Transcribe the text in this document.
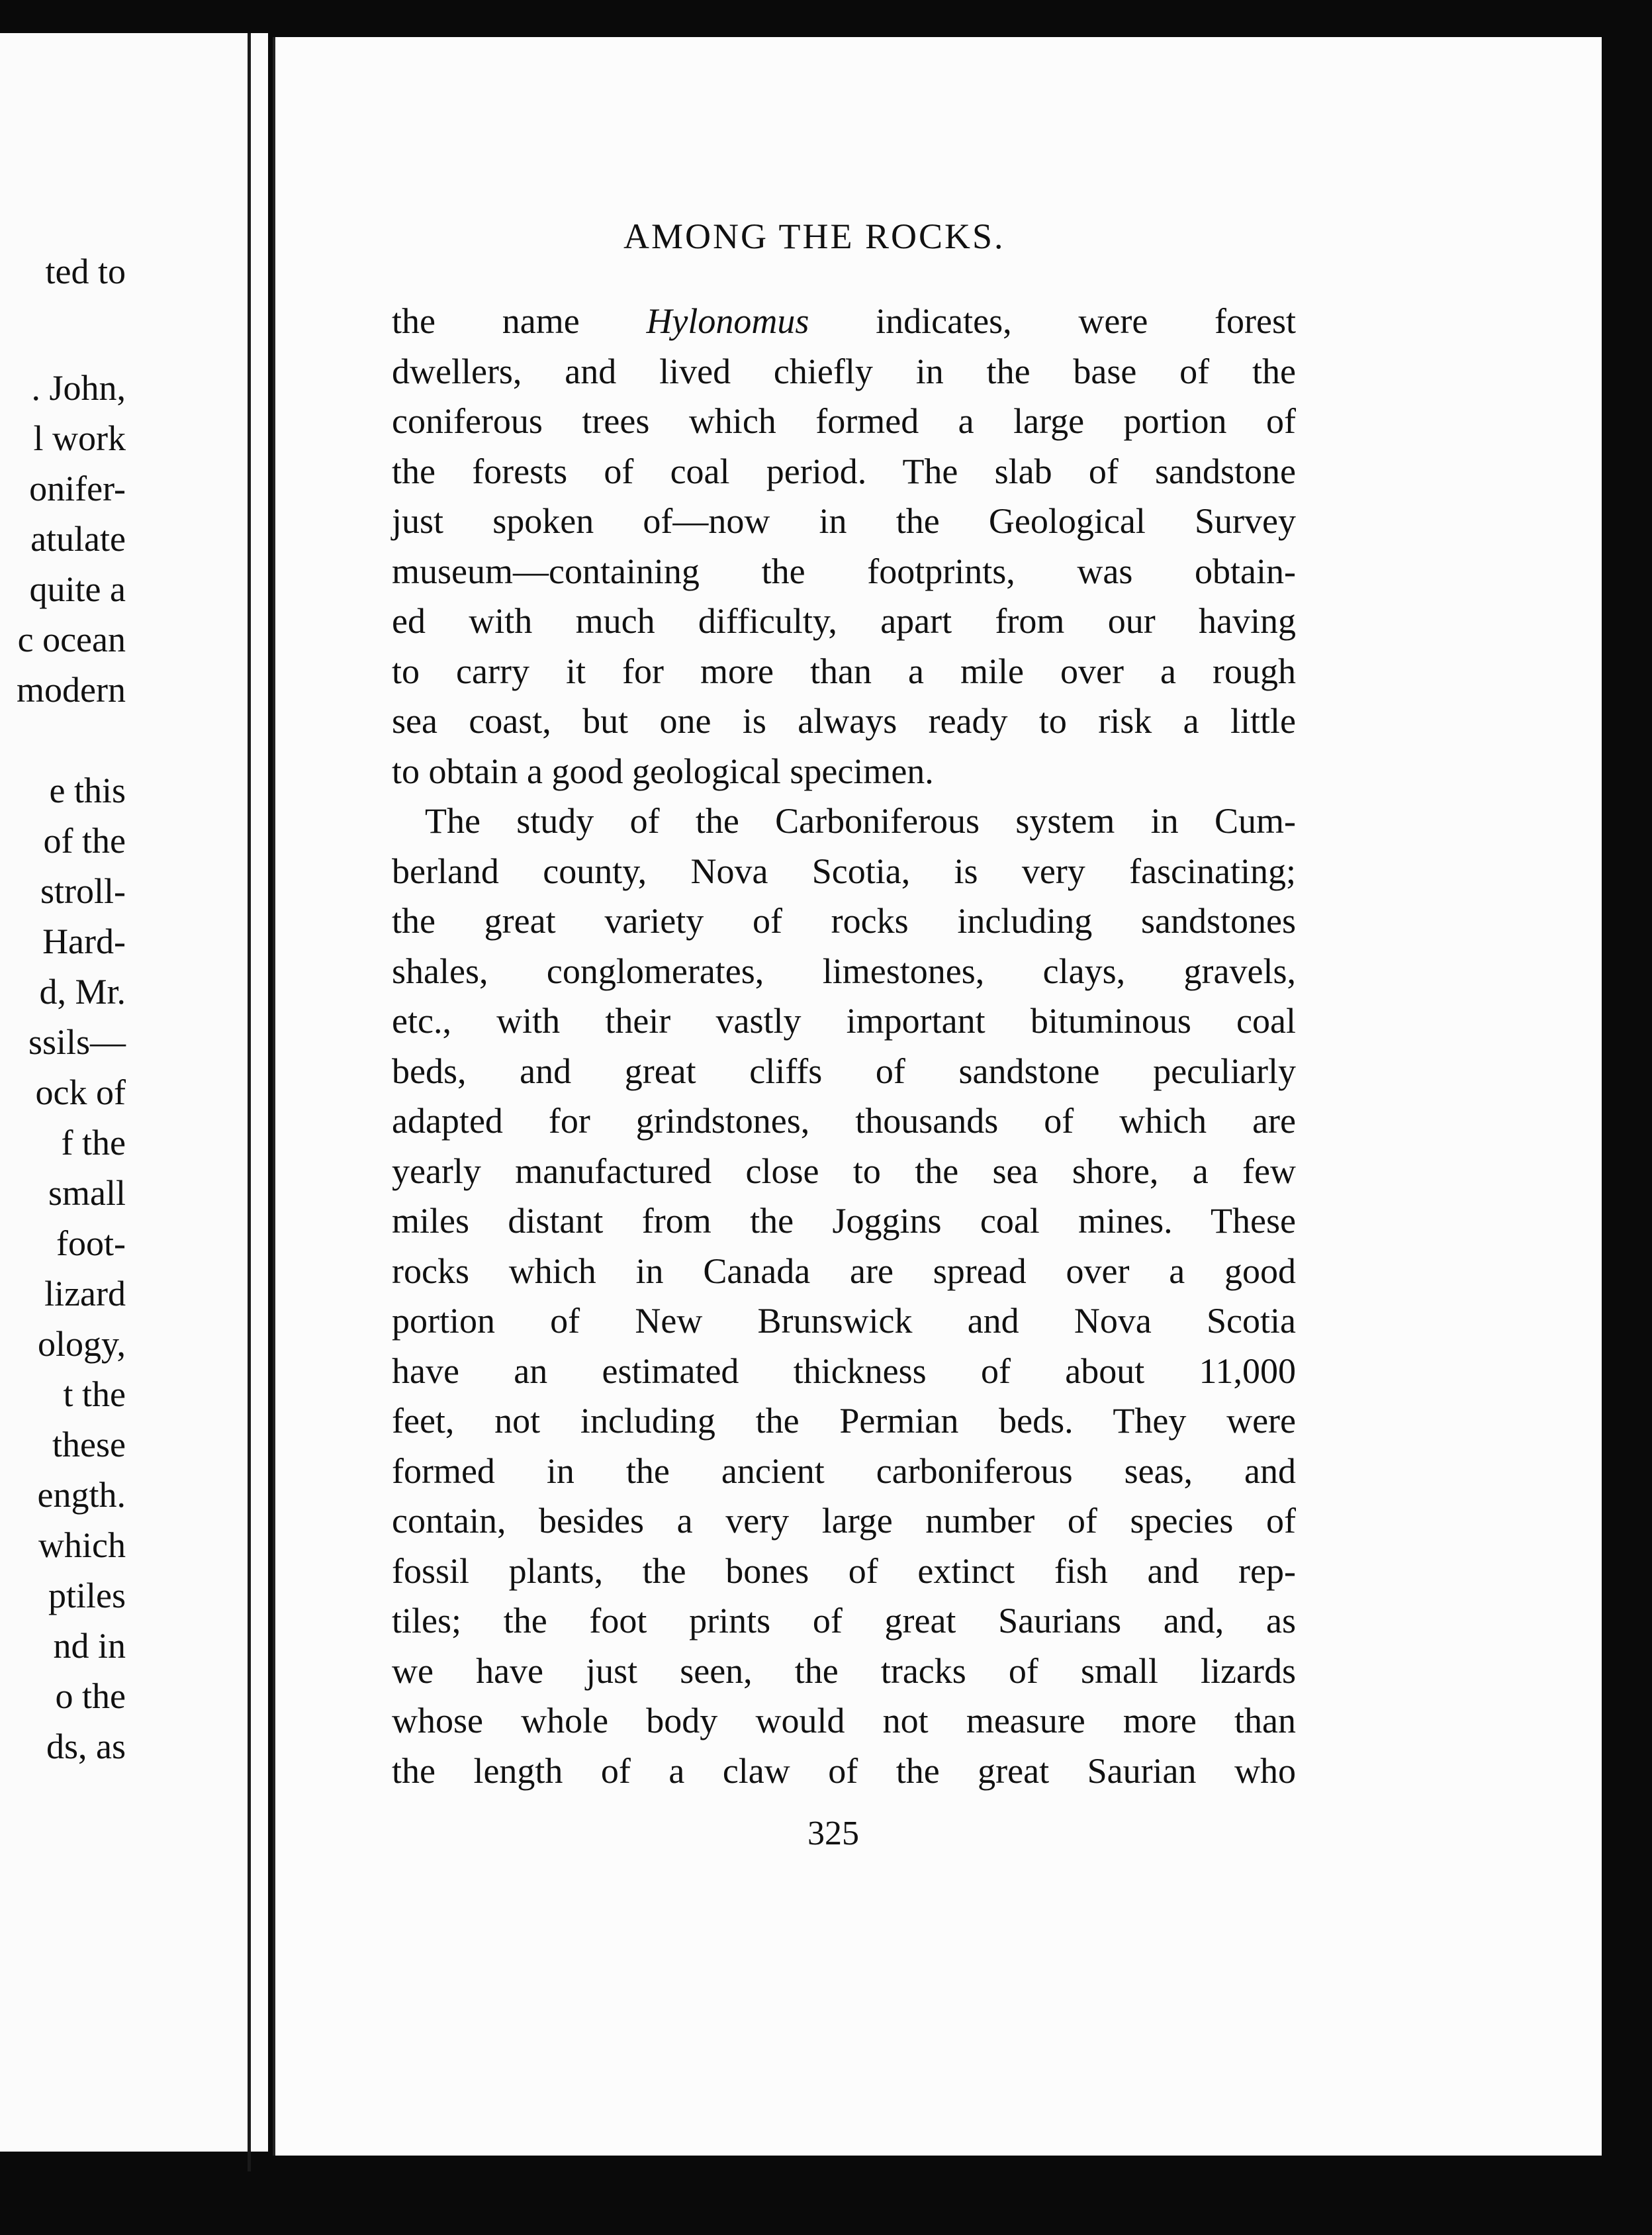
ted to
. John,
l work
onifer-
atulate
quite a
c ocean
modern
e this
of the
stroll-
Hard-
d, Mr.
ssils—
ock of
f the
small
foot-
lizard
ology,
t the
these
ength.
which
ptiles
nd in
o the
ds, as
AMONG THE ROCKS.
the name Hylonomus indicates, were forest
dwellers, and lived chiefly in the base of the
coniferous trees which formed a large portion of
the forests of coal period. The slab of sandstone
just spoken of—now in the Geological Survey
museum—containing the footprints, was obtain-
ed with much difficulty, apart from our having
to carry it for more than a mile over a rough
sea coast, but one is always ready to risk a little
to obtain a good geological specimen.
The study of the Carboniferous system in Cum-
berland county, Nova Scotia, is very fascinating;
the great variety of rocks including sandstones
shales, conglomerates, limestones, clays, gravels,
etc., with their vastly important bituminous coal
beds, and great cliffs of sandstone peculiarly
adapted for grindstones, thousands of which are
yearly manufactured close to the sea shore, a few
miles distant from the Joggins coal mines. These
rocks which in Canada are spread over a good
portion of New Brunswick and Nova Scotia
have an estimated thickness of about 11,000
feet, not including the Permian beds. They were
formed in the ancient carboniferous seas, and
contain, besides a very large number of species of
fossil plants, the bones of extinct fish and rep-
tiles; the foot prints of great Saurians and, as
we have just seen, the tracks of small lizards
whose whole body would not measure more than
the length of a claw of the great Saurian who
325
